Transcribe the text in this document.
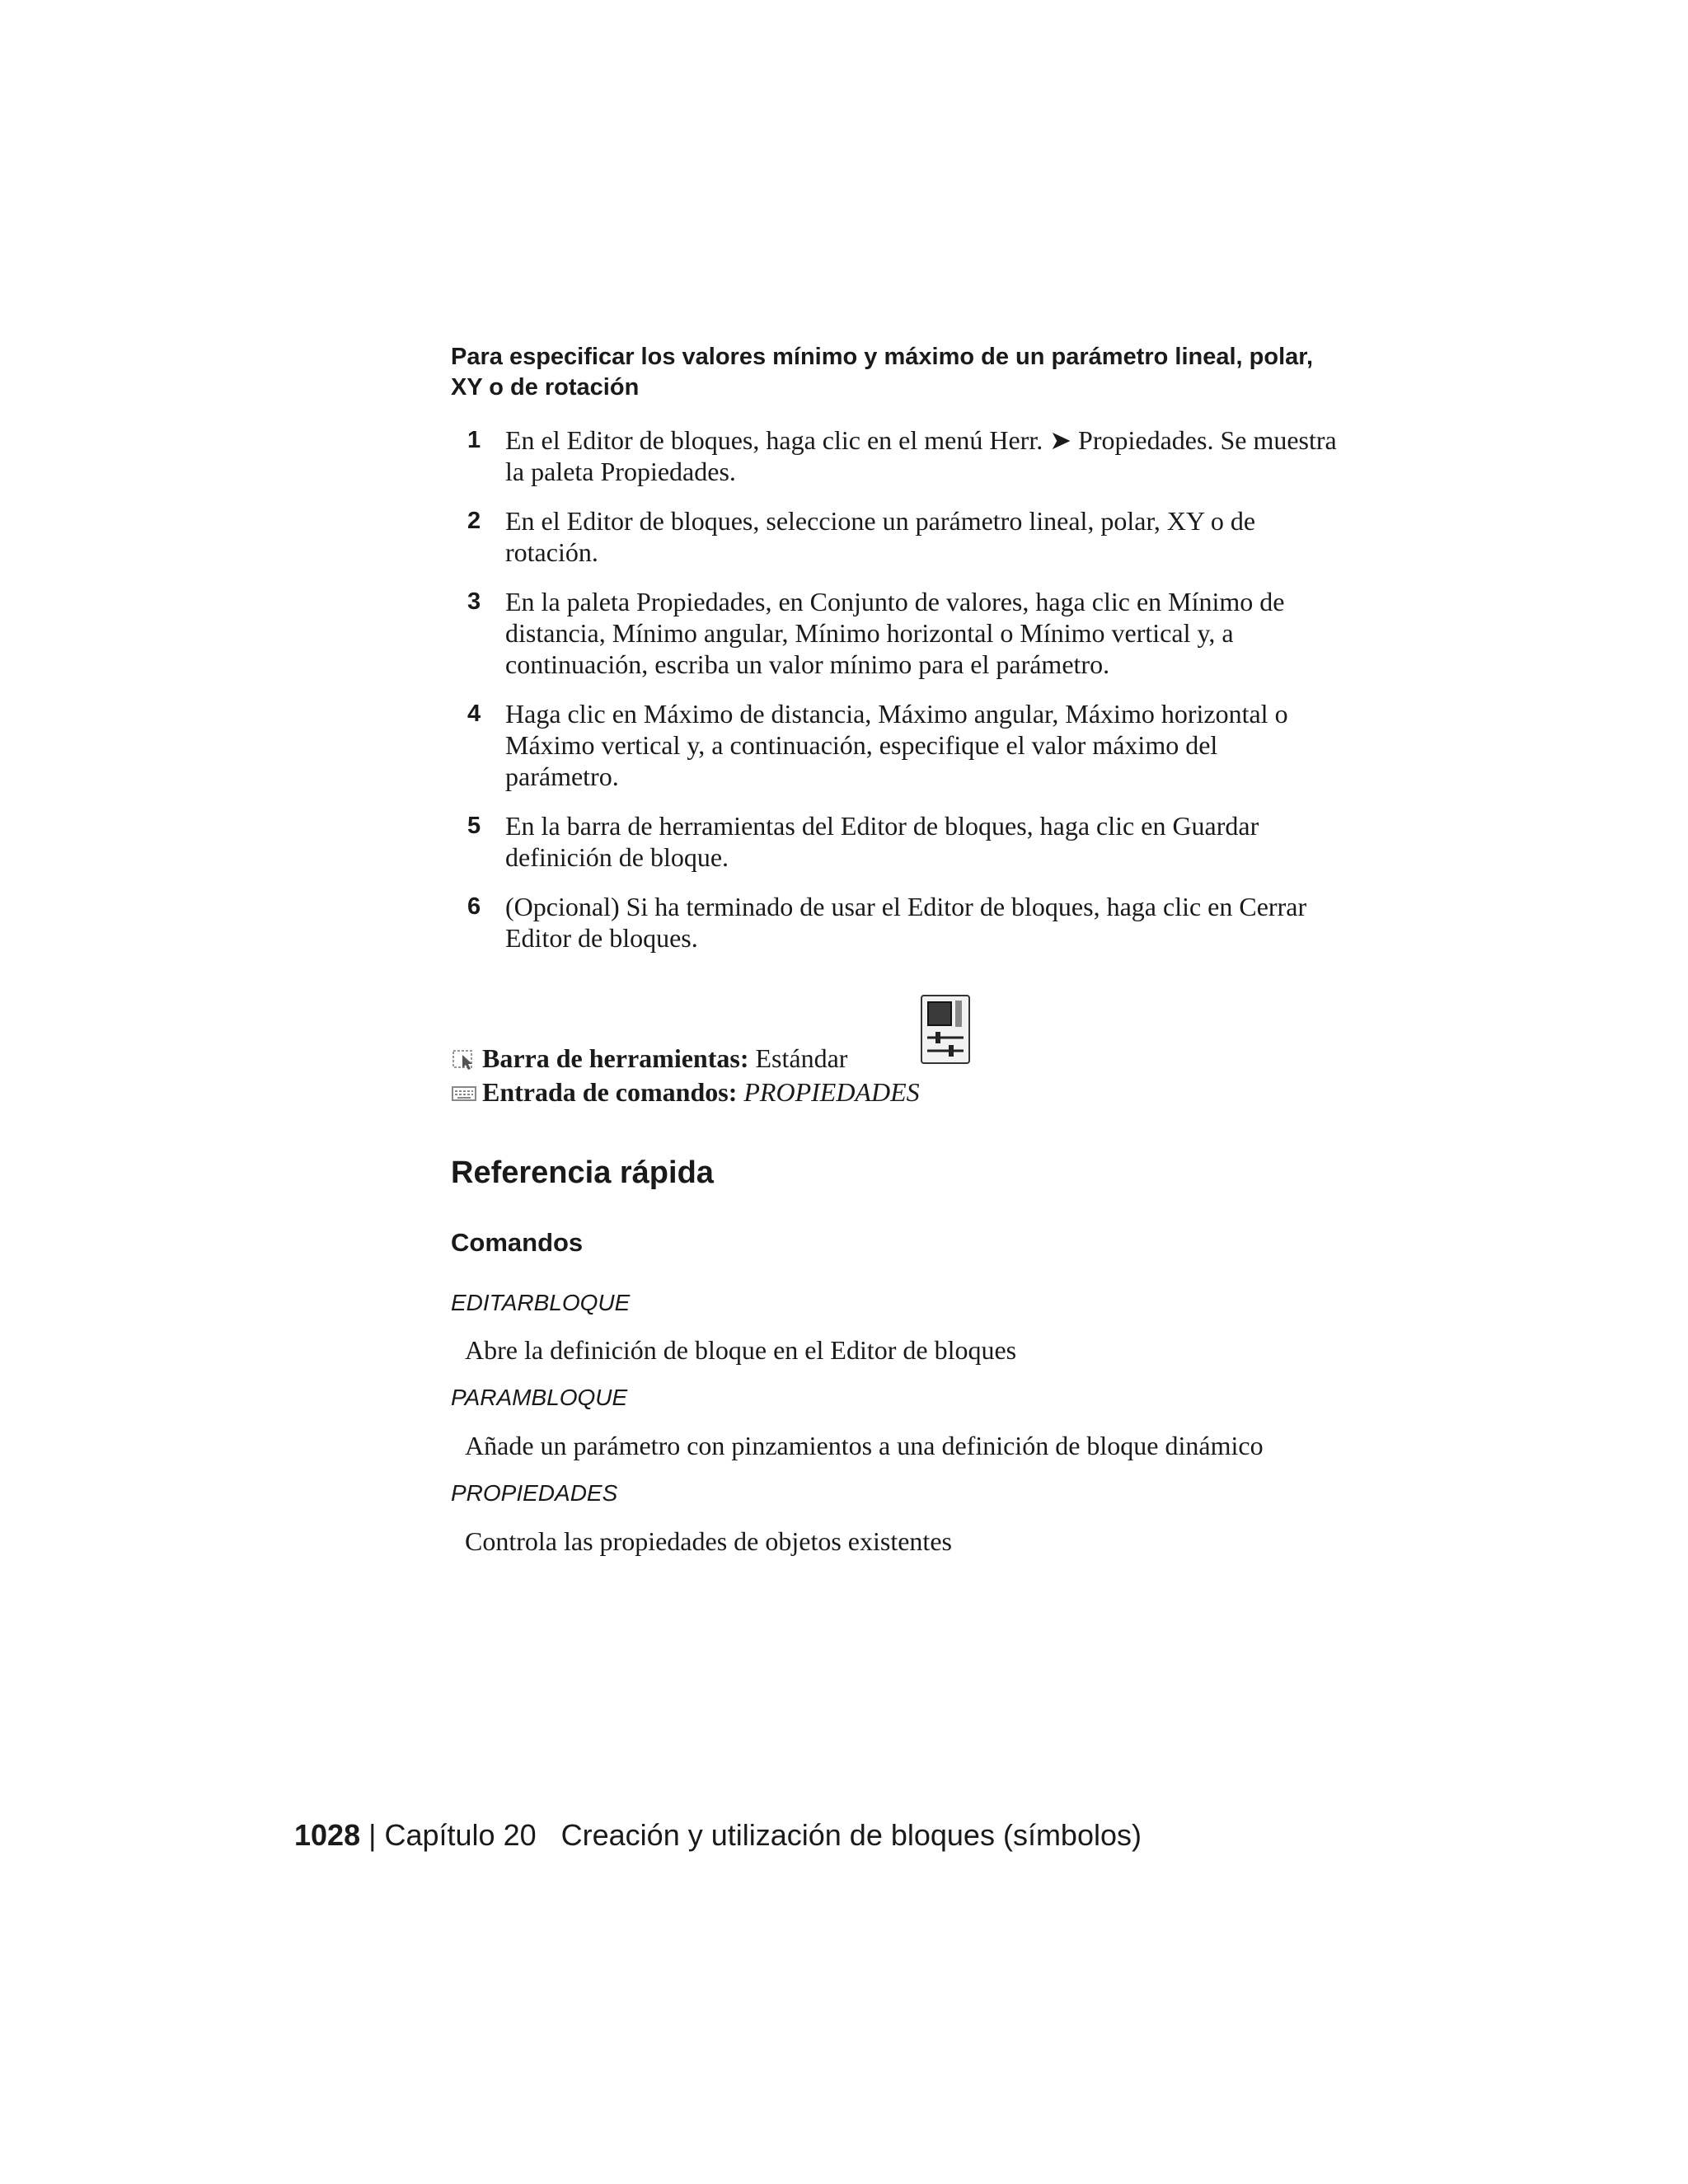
Para especificar los valores mínimo y máximo de un parámetro lineal, polar, XY o de rotación
1 En el Editor de bloques, haga clic en el menú Herr. ➤ Propiedades. Se muestra la paleta Propiedades.
2 En el Editor de bloques, seleccione un parámetro lineal, polar, XY o de rotación.
3 En la paleta Propiedades, en Conjunto de valores, haga clic en Mínimo de distancia, Mínimo angular, Mínimo horizontal o Mínimo vertical y, a continuación, escriba un valor mínimo para el parámetro.
4 Haga clic en Máximo de distancia, Máximo angular, Máximo horizontal o Máximo vertical y, a continuación, especifique el valor máximo del parámetro.
5 En la barra de herramientas del Editor de bloques, haga clic en Guardar definición de bloque.
6 (Opcional) Si ha terminado de usar el Editor de bloques, haga clic en Cerrar Editor de bloques.
Barra de herramientas:
Estándar
Entrada de comandos:
PROPIEDADES
Referencia rápida
Comandos
EDITARBLOQUE
Abre la definición de bloque en el Editor de bloques
PARAMBLOQUE
Añade un parámetro con pinzamientos a una definición de bloque dinámico
PROPIEDADES
Controla las propiedades de objetos existentes
1028 | Capítulo 20 Creación y utilización de bloques (símbolos)
